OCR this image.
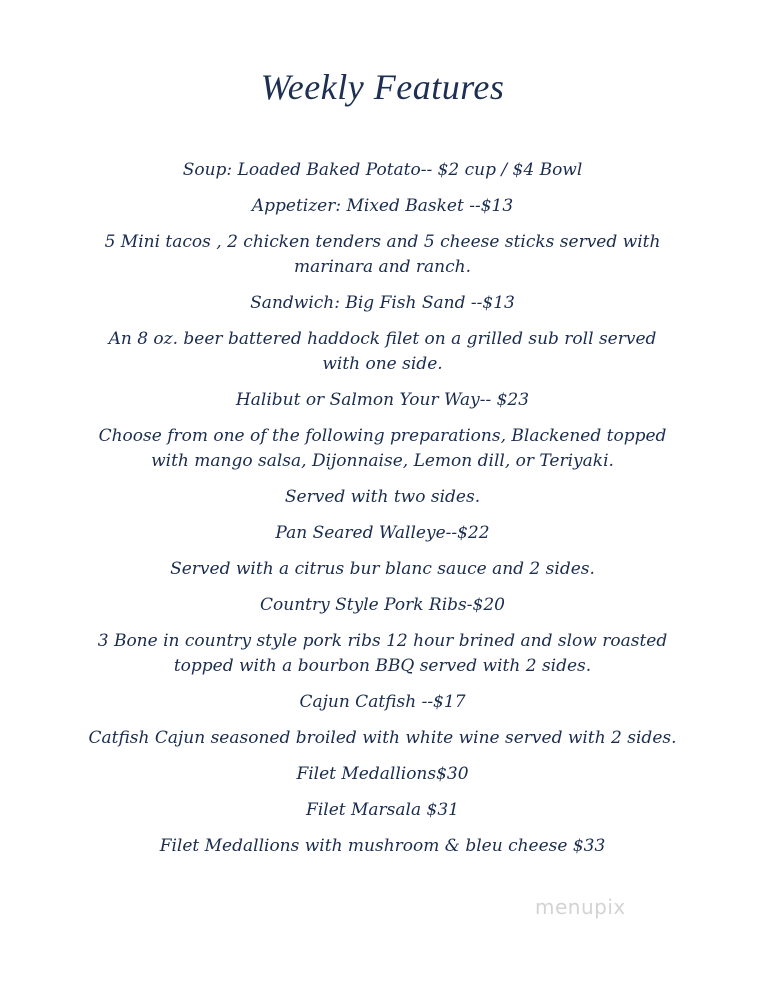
Weekly Features

Soup: Loaded Baked Potato-- $2 cup / $4 Bowl

Appetizer: Mixed Basket --$13

5 Mini tacos , 2 chicken tenders and 5 cheese sticks served with

marinara and ranch.

Sandwich: Big Fish Sand --$13

An 8 oz. beer battered haddock filet on a grilled sub roll served

with one side.

Halibut or Salmon Your Way-- $23

Choose from one of the following preparations, Blackened topped

with mango salsa, Dijonnaise, Lemon dill, or Teriyaki.

Served with two sides.

Pan Seared Walleye--$22

Served with a citrus bur blanc sauce and 2 sides.

Country Style Pork Ribs-$20

3 Bone in country style pork ribs 12 hour brined and slow roasted

topped with a bourbon BBQ served with 2 sides.

Cajun Catfish --$17

Catfish Cajun seasoned broiled with white wine served with 2 sides.

Filet Medallions$30

Filet Marsala $31

Filet Medallions with mushroom & bleu cheese $33

menupix
